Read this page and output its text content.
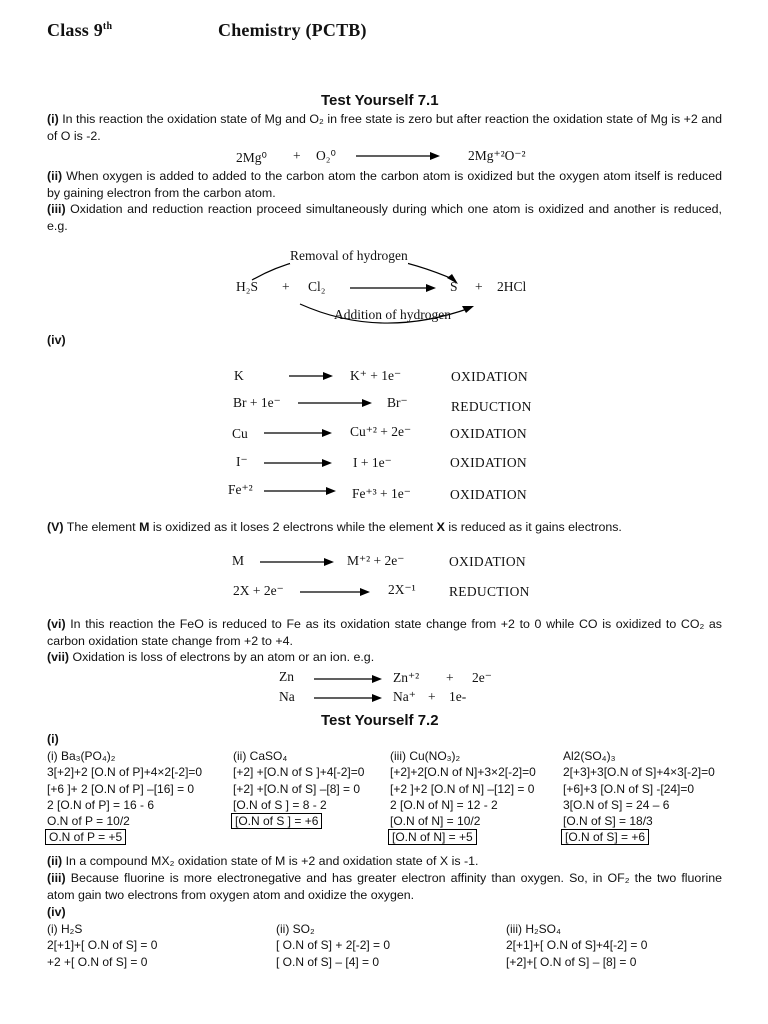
Class 9th	Chemistry (PCTB)
Test Yourself 7.1
(i) In this reaction the oxidation state of Mg and O₂ in free state is zero but after reaction the oxidation state of Mg is +2 and of O is -2.
2Mg⁰ + O₂⁰	2Mg⁺²O⁻²
(ii) When oxygen is added to added to the carbon atom the carbon atom is oxidized but the oxygen atom itself is reduced by gaining electron from the carbon atom.
(iii) Oxidation and reduction reaction proceed simultaneously during which one atom is oxidized and another is reduced, e.g.
Removal of hydrogen
H₂S + Cl₂	S + 2HCl
Addition of hydrogen
(iv)
K	K⁺ + 1e⁻	OXIDATION
Br + 1e⁻	Br⁻	REDUCTION
Cu	Cu⁺² + 2e⁻	OXIDATION
I⁻	I + 1e⁻	OXIDATION
Fe⁺²	Fe⁺³ + 1e⁻	OXIDATION
(V) The element M is oxidized as it loses 2 electrons while the element X is reduced as it gains electrons.
M	M⁺² + 2e⁻	OXIDATION
2X + 2e⁻	2X⁻¹ REDUCTION
(vi) In this reaction the FeO is reduced to Fe as its oxidation state change from +2 to 0 while CO is oxidized to CO₂ as carbon oxidation state change from +2 to +4.
(vii) Oxidation is loss of electrons by an atom or an ion. e.g.
Zn	Zn⁺² + 2e⁻
Na	Na⁺ + 1e-
Test Yourself 7.2
(i)
(i) Ba₃(PO₄)₂
3[+2]+2 [O.N of P]+4×2[-2]=0
[+6 ]+ 2 [O.N of P] –[16] = 0
2 [O.N of P] = 16 - 6
O.N of P = 10/2
O.N of P = +5
(ii) CaSO₄
[+2] +[O.N of S ]+4[-2]=0
[+2] +[O.N of S] –[8] = 0
[O.N of S ] = 8 - 2
[O.N of S ] = +6
(iii) Cu(NO₃)₂
[+2]+2[O.N of N]+3×2[-2]=0
[+2 ]+2 [O.N of N] –[12] = 0
2 [O.N of N] = 12 - 2
[O.N of N] = 10/2
[O.N of N] = +5
Al2(SO₄)₃
2[+3]+3[O.N of S]+4×3[-2]=0
[+6]+3 [O.N of S] -[24]=0
3[O.N of S] = 24 – 6
[O.N of S] = 18/3
[O.N of S] = +6
(ii) In a compound MX₂ oxidation state of M is +2 and oxidation state of X is -1.
(iii) Because fluorine is more electronegative and has greater electron affinity than oxygen. So, in OF₂ the two fluorine atom gain two electrons from oxygen atom and oxidize the oxygen.
(iv)
(i) H₂S
2[+1]+[ O.N of S] = 0
+2 +[ O.N of S] = 0
(ii) SO₂
[ O.N of S] + 2[-2] = 0
[ O.N of S] – [4] = 0
(iii) H₂SO₄
2[+1]+[ O.N of S]+4[-2] = 0
[+2]+[ O.N of S] – [8] = 0
